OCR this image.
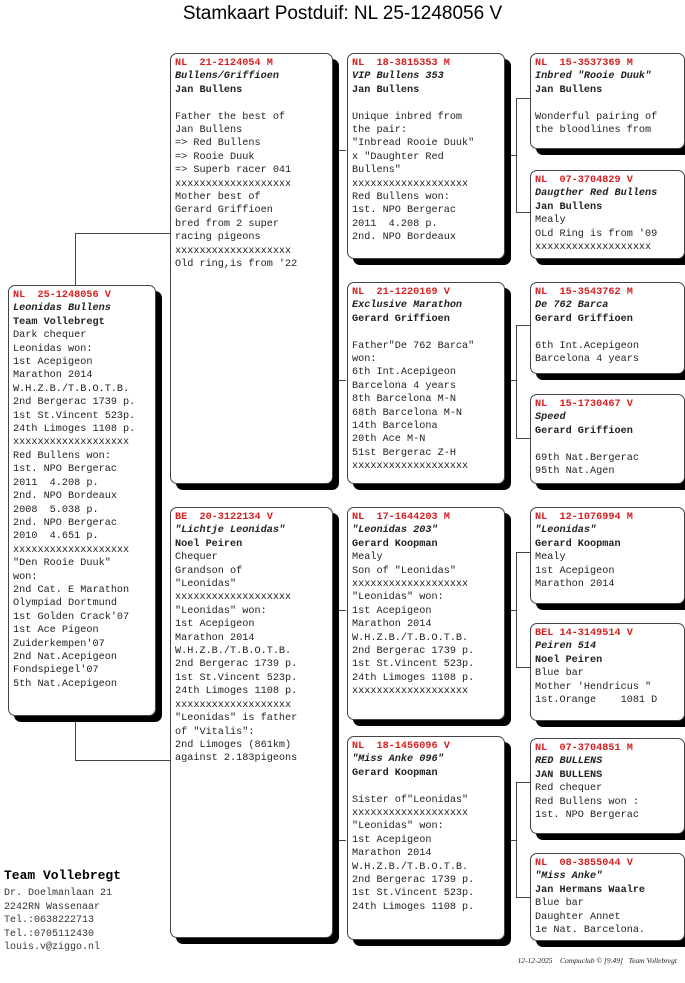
Stamkaart Postduif: NL 25-1248056 V
NL  25-1248056 V
Leonidas Bullens
Team Vollebregt
Dark chequer
Leonidas won:
1st Acepigeon
Marathon 2014
W.H.Z.B./T.B.O.T.B.
2nd Bergerac 1739 p.
1st St.Vincent 523p.
24th Limoges 1108 p.
xxxxxxxxxxxxxxxxxxx
Red Bullens won:
1st. NPO Bergerac
2011  4.208 p.
2nd. NPO Bordeaux
2008  5.038 p.
2nd. NPO Bergerac
2010  4.651 p.
xxxxxxxxxxxxxxxxxxx
"Den Rooie Duuk"
won:
2nd Cat. E Marathon
Olympiad Dortmund
1st Golden Crack'07
1st Ace Pigeon
Zuiderkempen'07
2nd Nat.Acepigeon
Fondspiegel'07
5th Nat.Acepigeon
NL  21-2124054 M
Bullens/Griffioen
Jan Bullens
Father the best of
Jan Bullens
=> Red Bullens
=> Rooie Duuk
=> Superb racer 041
xxxxxxxxxxxxxxxxxxx
Mother best of
Gerard Griffioen
bred from 2 super
racing pigeons
xxxxxxxxxxxxxxxxxxx
Old ring,is from '22
BE  20-3122134 V
"Lichtje Leonidas"
Noel Peiren
Chequer
Grandson of
"Leonidas"
xxxxxxxxxxxxxxxxxxx
"Leonidas" won:
1st Acepigeon
Marathon 2014
W.H.Z.B./T.B.O.T.B.
2nd Bergerac 1739 p.
1st St.Vincent 523p.
24th Limoges 1108 p.
xxxxxxxxxxxxxxxxxxx
"Leonidas" is father
of "Vitalis":
2nd Limoges (861km)
against 2.183pigeons
NL  18-3815353 M
VIP Bullens 353
Jan Bullens
Unique inbred from
the pair:
"Inbread Rooie Duuk"
x "Daughter Red
Bullens"
xxxxxxxxxxxxxxxxxxx
Red Bullens won:
1st. NPO Bergerac
2011  4.208 p.
2nd. NPO Bordeaux
NL  21-1220169 V
Exclusive Marathon
Gerard Griffioen
Father"De 762 Barca"
won:
6th Int.Acepigeon
Barcelona 4 years
8th Barcelona M-N
68th Barcelona M-N
14th Barcelona
20th Ace M-N
51st Bergerac Z-H
xxxxxxxxxxxxxxxxxxx
NL  17-1644203 M
"Leonidas 203"
Gerard Koopman
Mealy
Son of "Leonidas"
xxxxxxxxxxxxxxxxxxx
"Leonidas" won:
1st Acepigeon
Marathon 2014
W.H.Z.B./T.B.O.T.B.
2nd Bergerac 1739 p.
1st St.Vincent 523p.
24th Limoges 1108 p.
xxxxxxxxxxxxxxxxxxx
NL  18-1456096 V
"Miss Anke 096"
Gerard Koopman
Sister of"Leonidas"
xxxxxxxxxxxxxxxxxxx
"Leonidas" won:
1st Acepigeon
Marathon 2014
W.H.Z.B./T.B.O.T.B.
2nd Bergerac 1739 p.
1st St.Vincent 523p.
24th Limoges 1108 p.
NL  15-3537369 M
Inbred "Rooie Duuk"
Jan Bullens
Wonderful pairing of
the bloodlines from
NL  07-3704829 V
Daugther Red Bullens
Jan Bullens
Mealy
OLd Ring is from '09
xxxxxxxxxxxxxxxxxxx
NL  15-3543762 M
De 762 Barca
Gerard Griffioen
6th Int.Acepigeon
Barcelona 4 years
NL  15-1730467 V
Speed
Gerard Griffioen
69th Nat.Bergerac
95th Nat.Agen
NL  12-1076994 M
"Leonidas"
Gerard Koopman
Mealy
1st Acepigeon
Marathon 2014
BEL 14-3149514 V
Peiren 514
Noel Peiren
Blue bar
Mother 'Hendricus "
1st.Orange    1081 D
NL  07-3704851 M
RED BULLENS
JAN BULLENS
Red chequer
Red Bullens won :
1st. NPO Bergerac
NL  08-3855044 V
"Miss Anke"
Jan Hermans Waalre
Blue bar
Daughter Annet
1e Nat. Barcelona.
Team Vollebregt
Dr. Doelmanlaan 21
2242RN Wassenaar
Tel.:0638222713
Tel.:0705112430
louis.v@ziggo.nl
12-12-2025    Compuclub © [9.49]   Team Vollebregt
